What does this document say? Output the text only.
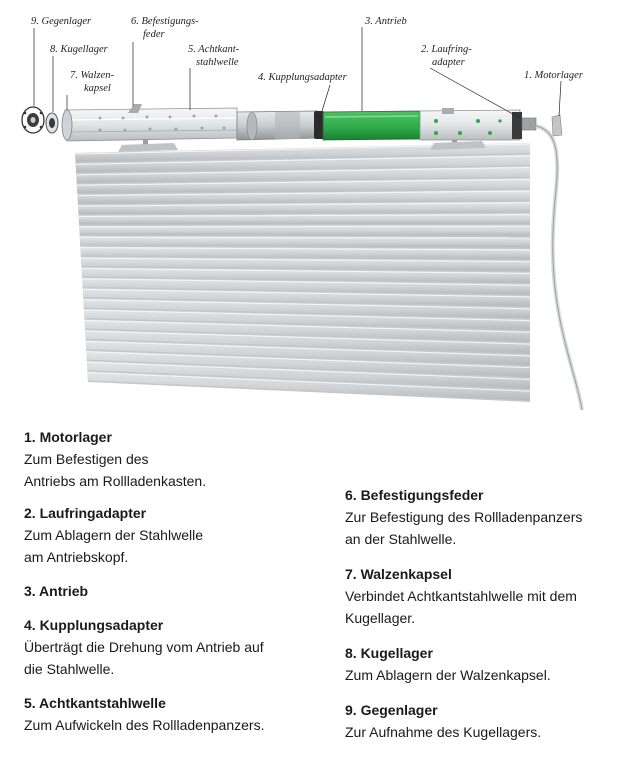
9. Gegenlager	6. Befestigungs-
feder
3. Antrieb
8. Kugellager	5. Achtkant-
stahlwelle
2. Laufring-
adapter
7. Walzen-
kapsel
4. Kupplungsadapter	1. Motorlager
1. Motorlager

Zum Befestigen des
Antriebs am Rollladenkasten.

2. Laufringadapter

Zum Ablagern der Stahlwelle
am Antriebskopf.

3. Antrieb
4. Kupplungsadapter

Überträgt die Drehung vom Antrieb auf
die Stahlwelle.

5. Achtkantstahlwelle

Zum Aufwickeln des Rollladenpanzers.

6. Befestigungsfeder

Zur Befestigung des Rollladenpanzers
an der Stahlwelle.

7. Walzenkapsel

Verbindet Achtkantstahlwelle mit dem
Kugellager.

8. Kugellager

Zum Ablagern der Walzenkapsel.

9. Gegenlager

Zur Aufnahme des Kugellagers.
